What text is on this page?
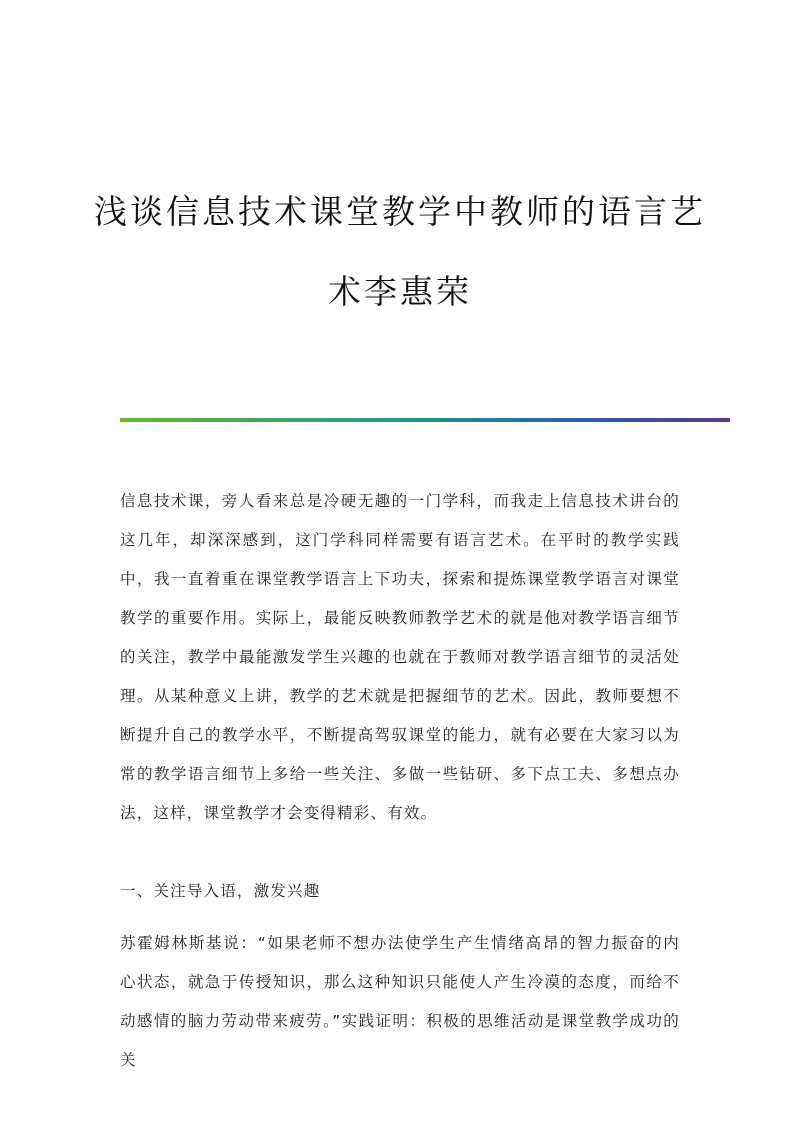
浅谈信息技术课堂教学中教师的语言艺
术李惠荣

信息技术课，旁人看来总是冷硬无趣的一门学科，而我走上信息技术讲台的这几年，却深深感到，这门学科同样需要有语言艺术。在平时的教学实践中，我一直着重在课堂教学语言上下功夫，探索和提炼课堂教学语言对课堂教学的重要作用。实际上，最能反映教师教学艺术的就是他对教学语言细节的关注，教学中最能激发学生兴趣的也就在于教师对教学语言细节的灵活处理。从某种意义上讲，教学的艺术就是把握细节的艺术。因此，教师要想不断提升自己的教学水平，不断提高驾驭课堂的能力，就有必要在大家习以为常的教学语言细节上多给一些关注、多做一些钻研、多下点工夫、多想点办法，这样，课堂教学才会变得精彩、有效。

一、关注导入语，激发兴趣

苏霍姆林斯基说：“如果老师不想办法使学生产生情绪高昂的智力振奋的内心状态，就急于传授知识，那么这种知识只能使人产生冷漠的态度，而给不动感情的脑力劳动带来疲劳。”实践证明：积极的思维活动是课堂教学成功的关
